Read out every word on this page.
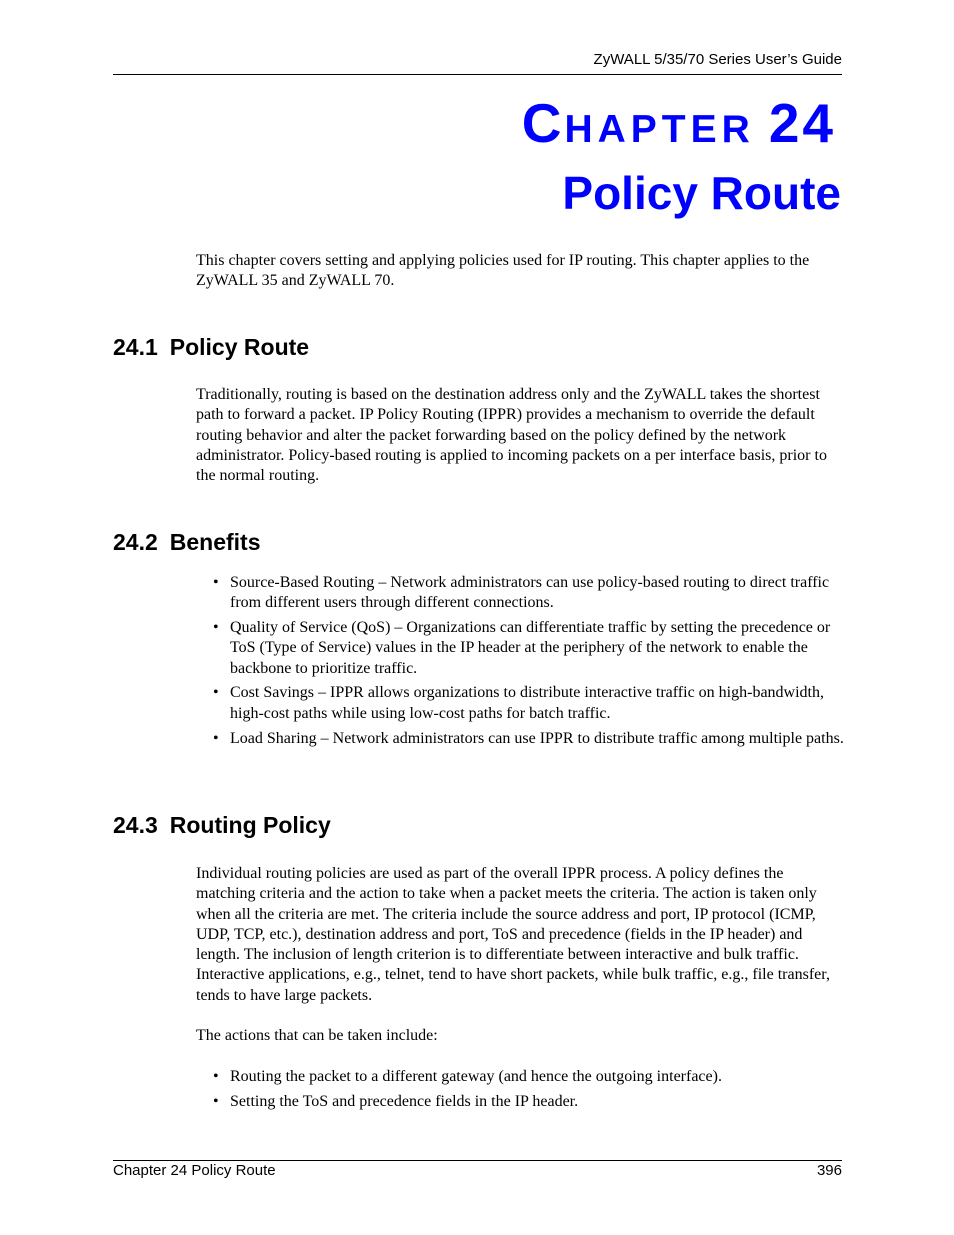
ZyWALL 5/35/70 Series User’s Guide
CHAPTER 24
Policy Route

This chapter covers setting and applying policies used for IP routing. This chapter applies to the ZyWALL 35 and ZyWALL 70.

24.1 Policy Route

Traditionally, routing is based on the destination address only and the ZyWALL takes the shortest path to forward a packet. IP Policy Routing (IPPR) provides a mechanism to override the default routing behavior and alter the packet forwarding based on the policy defined by the network administrator. Policy-based routing is applied to incoming packets on a per interface basis, prior to the normal routing.

24.2 Benefits
• Source-Based Routing – Network administrators can use policy-based routing to direct traffic from different users through different connections.
• Quality of Service (QoS) – Organizations can differentiate traffic by setting the precedence or ToS (Type of Service) values in the IP header at the periphery of the network to enable the backbone to prioritize traffic.
• Cost Savings – IPPR allows organizations to distribute interactive traffic on high-bandwidth, high-cost paths while using low-cost paths for batch traffic.
• Load Sharing – Network administrators can use IPPR to distribute traffic among multiple paths.
24.3 Routing Policy

Individual routing policies are used as part of the overall IPPR process. A policy defines the matching criteria and the action to take when a packet meets the criteria. The action is taken only when all the criteria are met. The criteria include the source address and port, IP protocol (ICMP, UDP, TCP, etc.), destination address and port, ToS and precedence (fields in the IP header) and length. The inclusion of length criterion is to differentiate between interactive and bulk traffic. Interactive applications, e.g., telnet, tend to have short packets, while bulk traffic, e.g., file transfer, tends to have large packets.

The actions that can be taken include:

• Routing the packet to a different gateway (and hence the outgoing interface).
• Setting the ToS and precedence fields in the IP header.
Chapter 24 Policy Route	396
